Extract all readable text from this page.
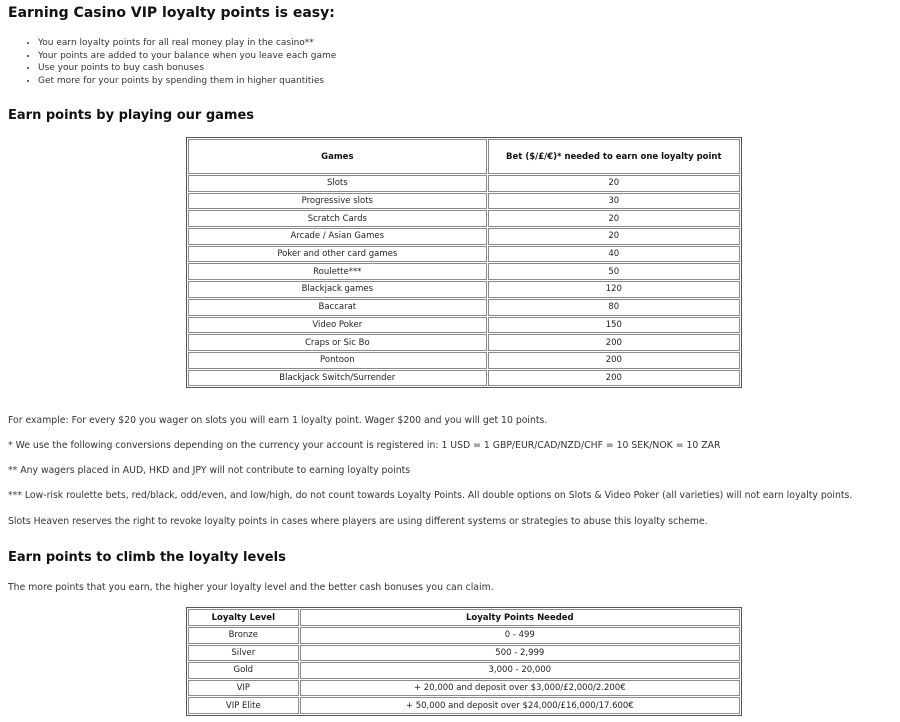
Earning Casino VIP loyalty points is easy:
• You earn loyalty points for all real money play in the casino**
• Your points are added to your balance when you leave each game
• Use your points to buy cash bonuses
• Get more for your points by spending them in higher quantities
Earn points by playing our games
Games	Bet ($/£/€)* needed to earn one loyalty point
Slots	20
Progressive slots	30
Scratch Cards	20
Arcade / Asian Games	20
Poker and other card games	40
Roulette***	50
Blackjack games	120
Baccarat	80
Video Poker	150
Craps or Sic Bo	200
Pontoon	200
Blackjack Switch/Surrender	200
For example: For every $20 you wager on slots you will earn 1 loyalty point. Wager $200 and you will get 10 points.
* We use the following conversions depending on the currency your account is registered in: 1 USD = 1 GBP/EUR/CAD/NZD/CHF = 10 SEK/NOK = 10 ZAR
** Any wagers placed in AUD, HKD and JPY will not contribute to earning loyalty points
*** Low-risk roulette bets, red/black, odd/even, and low/high, do not count towards Loyalty Points. All double options on Slots & Video Poker (all varieties) will not earn loyalty points.
Slots Heaven reserves the right to revoke loyalty points in cases where players are using different systems or strategies to abuse this loyalty scheme.
Earn points to climb the loyalty levels
The more points that you earn, the higher your loyalty level and the better cash bonuses you can claim.
Loyalty Level	Loyalty Points Needed
Bronze	0 - 499
Silver	500 - 2,999
Gold	3,000 - 20,000
VIP	+ 20,000 and deposit over $3,000/£2,000/2.200€
VIP Elite	+ 50,000 and deposit over $24,000/£16,000/17.600€
